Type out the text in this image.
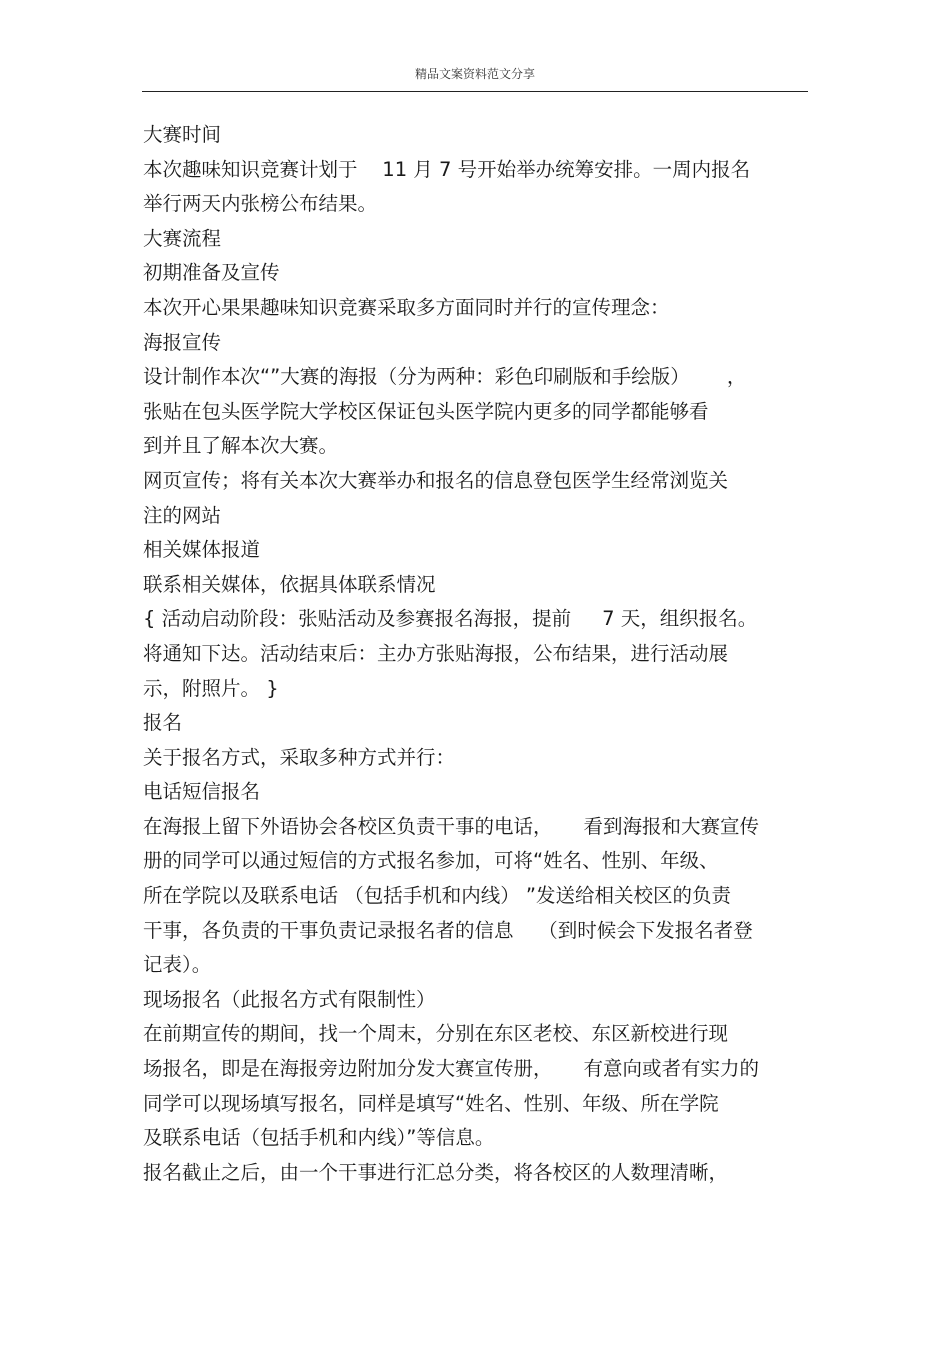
精品文案资料范文分享
大赛时间
本次趣味知识竞赛计划于    11 月 7 号开始举办统筹安排。一周内报名
举行两天内张榜公布结果。
大赛流程
初期准备及宣传
本次开心果果趣味知识竞赛采取多方面同时并行的宣传理念：
海报宣传
设计制作本次“”大赛的海报（分为两种：彩色印刷版和手绘版）      ，
张贴在包头医学院大学校区保证包头医学院内更多的同学都能够看
到并且了解本次大赛。
网页宣传；将有关本次大赛举办和报名的信息登包医学生经常浏览关
注的网站
相关媒体报道
联系相关媒体，依据具体联系情况
{ 活动启动阶段：张贴活动及参赛报名海报，提前     7 天，组织报名。
将通知下达。活动结束后：主办方张贴海报，公布结果，进行活动展
示，附照片。 }
报名
关于报名方式，采取多种方式并行：
电话短信报名
在海报上留下外语协会各校区负责干事的电话，     看到海报和大赛宣传
册的同学可以通过短信的方式报名参加，可将“姓名、性别、年级、
所在学院以及联系电话 （包括手机和内线） ”发送给相关校区的负责
干事，各负责的干事负责记录报名者的信息    （到时候会下发报名者登
记表）。
现场报名（此报名方式有限制性）
在前期宣传的期间，找一个周末，分别在东区老校、东区新校进行现
场报名，即是在海报旁边附加分发大赛宣传册，     有意向或者有实力的
同学可以现场填写报名，同样是填写“姓名、性别、年级、所在学院
及联系电话（包括手机和内线）”等信息。
报名截止之后，由一个干事进行汇总分类，将各校区的人数理清晰，
